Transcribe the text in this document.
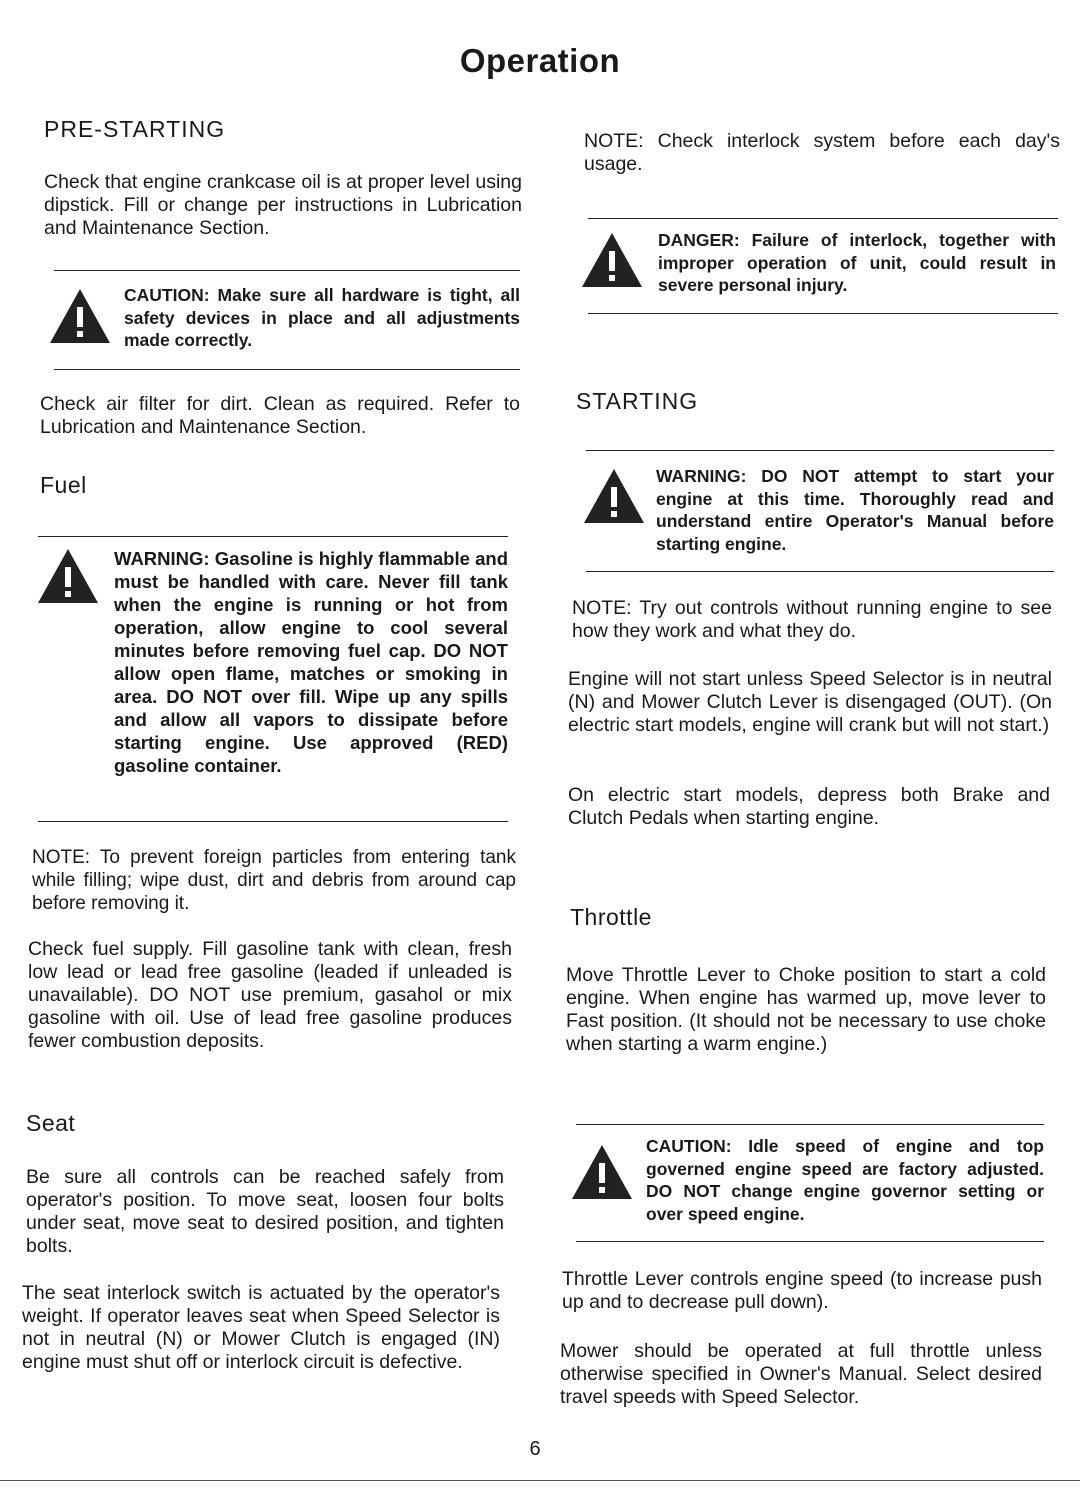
Operation
PRE-STARTING

Check that engine crankcase oil is at proper level using dipstick. Fill or change per instructions in Lubrication and Maintenance Section.

CAUTION: Make sure all hardware is tight, all safety devices in place and all adjustments made correctly.

Check air filter for dirt. Clean as required. Refer to Lubrication and Maintenance Section.

Fuel

WARNING: Gasoline is highly flammable and must be handled with care. Never fill tank when the engine is running or hot from operation, allow engine to cool several minutes before removing fuel cap. DO NOT allow open flame, matches or smoking in area. DO NOT over fill. Wipe up any spills and allow all vapors to dissipate before starting engine. Use approved (RED) gasoline container.

NOTE: To prevent foreign particles from entering tank while filling; wipe dust, dirt and debris from around cap before removing it.

Check fuel supply. Fill gasoline tank with clean, fresh low lead or lead free gasoline (leaded if unleaded is unavailable). DO NOT use premium, gasahol or mix gasoline with oil. Use of lead free gasoline produces fewer combustion deposits.

Seat

Be sure all controls can be reached safely from operator's position. To move seat, loosen four bolts under seat, move seat to desired position, and tighten bolts.

The seat interlock switch is actuated by the operator's weight. If operator leaves seat when Speed Selector is not in neutral (N) or Mower Clutch is engaged (IN) engine must shut off or interlock circuit is defective.

NOTE: Check interlock system before each day's usage.

DANGER: Failure of interlock, together with improper operation of unit, could result in severe personal injury.

STARTING

WARNING: DO NOT attempt to start your engine at this time. Thoroughly read and understand entire Operator's Manual before starting engine.

NOTE: Try out controls without running engine to see how they work and what they do.

Engine will not start unless Speed Selector is in neutral (N) and Mower Clutch Lever is disengaged (OUT). (On electric start models, engine will crank but will not start.)

On electric start models, depress both Brake and Clutch Pedals when starting engine.

Throttle

Move Throttle Lever to Choke position to start a cold engine. When engine has warmed up, move lever to Fast position. (It should not be necessary to use choke when starting a warm engine.)

CAUTION: Idle speed of engine and top governed engine speed are factory adjusted. DO NOT change engine governor setting or over speed engine.

Throttle Lever controls engine speed (to increase push up and to decrease pull down).

Mower should be operated at full throttle unless otherwise specified in Owner's Manual. Select desired travel speeds with Speed Selector.

6
